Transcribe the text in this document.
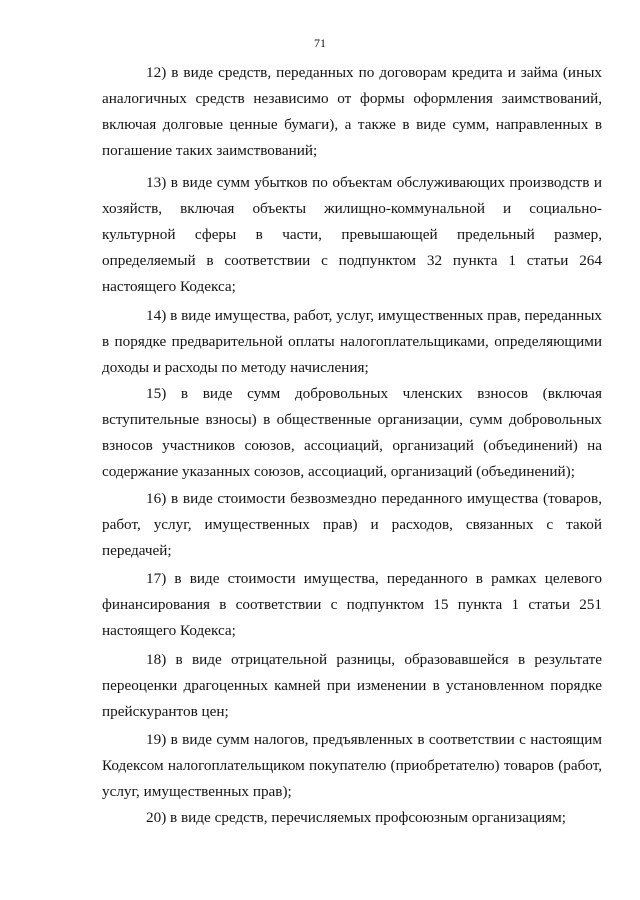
71
12) в виде средств, переданных по договорам кредита и займа (иных
аналогичных средств независимо от формы оформления заимствований,
включая долговые ценные бумаги), а также в виде сумм, направленных в
погашение таких заимствований;
13) в виде сумм убытков по объектам обслуживающих производств и
хозяйств, включая объекты жилищно-коммунальной и социально-
культурной сферы в части, превышающей предельный размер,
определяемый в соответствии с подпунктом 32 пункта 1 статьи 264
настоящего Кодекса;
14) в виде имущества, работ, услуг, имущественных прав, переданных
в порядке предварительной оплаты налогоплательщиками, определяющими
доходы и расходы по методу начисления;
15) в виде сумм добровольных членских взносов (включая
вступительные взносы) в общественные организации, сумм добровольных
взносов участников союзов, ассоциаций, организаций (объединений) на
содержание указанных союзов, ассоциаций, организаций (объединений);
16) в виде стоимости безвозмездно переданного имущества (товаров,
работ, услуг, имущественных прав) и расходов, связанных с такой
передачей;
17) в виде стоимости имущества, переданного в рамках целевого
финансирования в соответствии с подпунктом 15 пункта 1 статьи 251
настоящего Кодекса;
18) в виде отрицательной разницы, образовавшейся в результате
переоценки драгоценных камней при изменении в установленном порядке
прейскурантов цен;
19) в виде сумм налогов, предъявленных в соответствии с настоящим
Кодексом налогоплательщиком покупателю (приобретателю) товаров (работ,
услуг, имущественных прав);
20) в виде средств, перечисляемых профсоюзным организациям;
